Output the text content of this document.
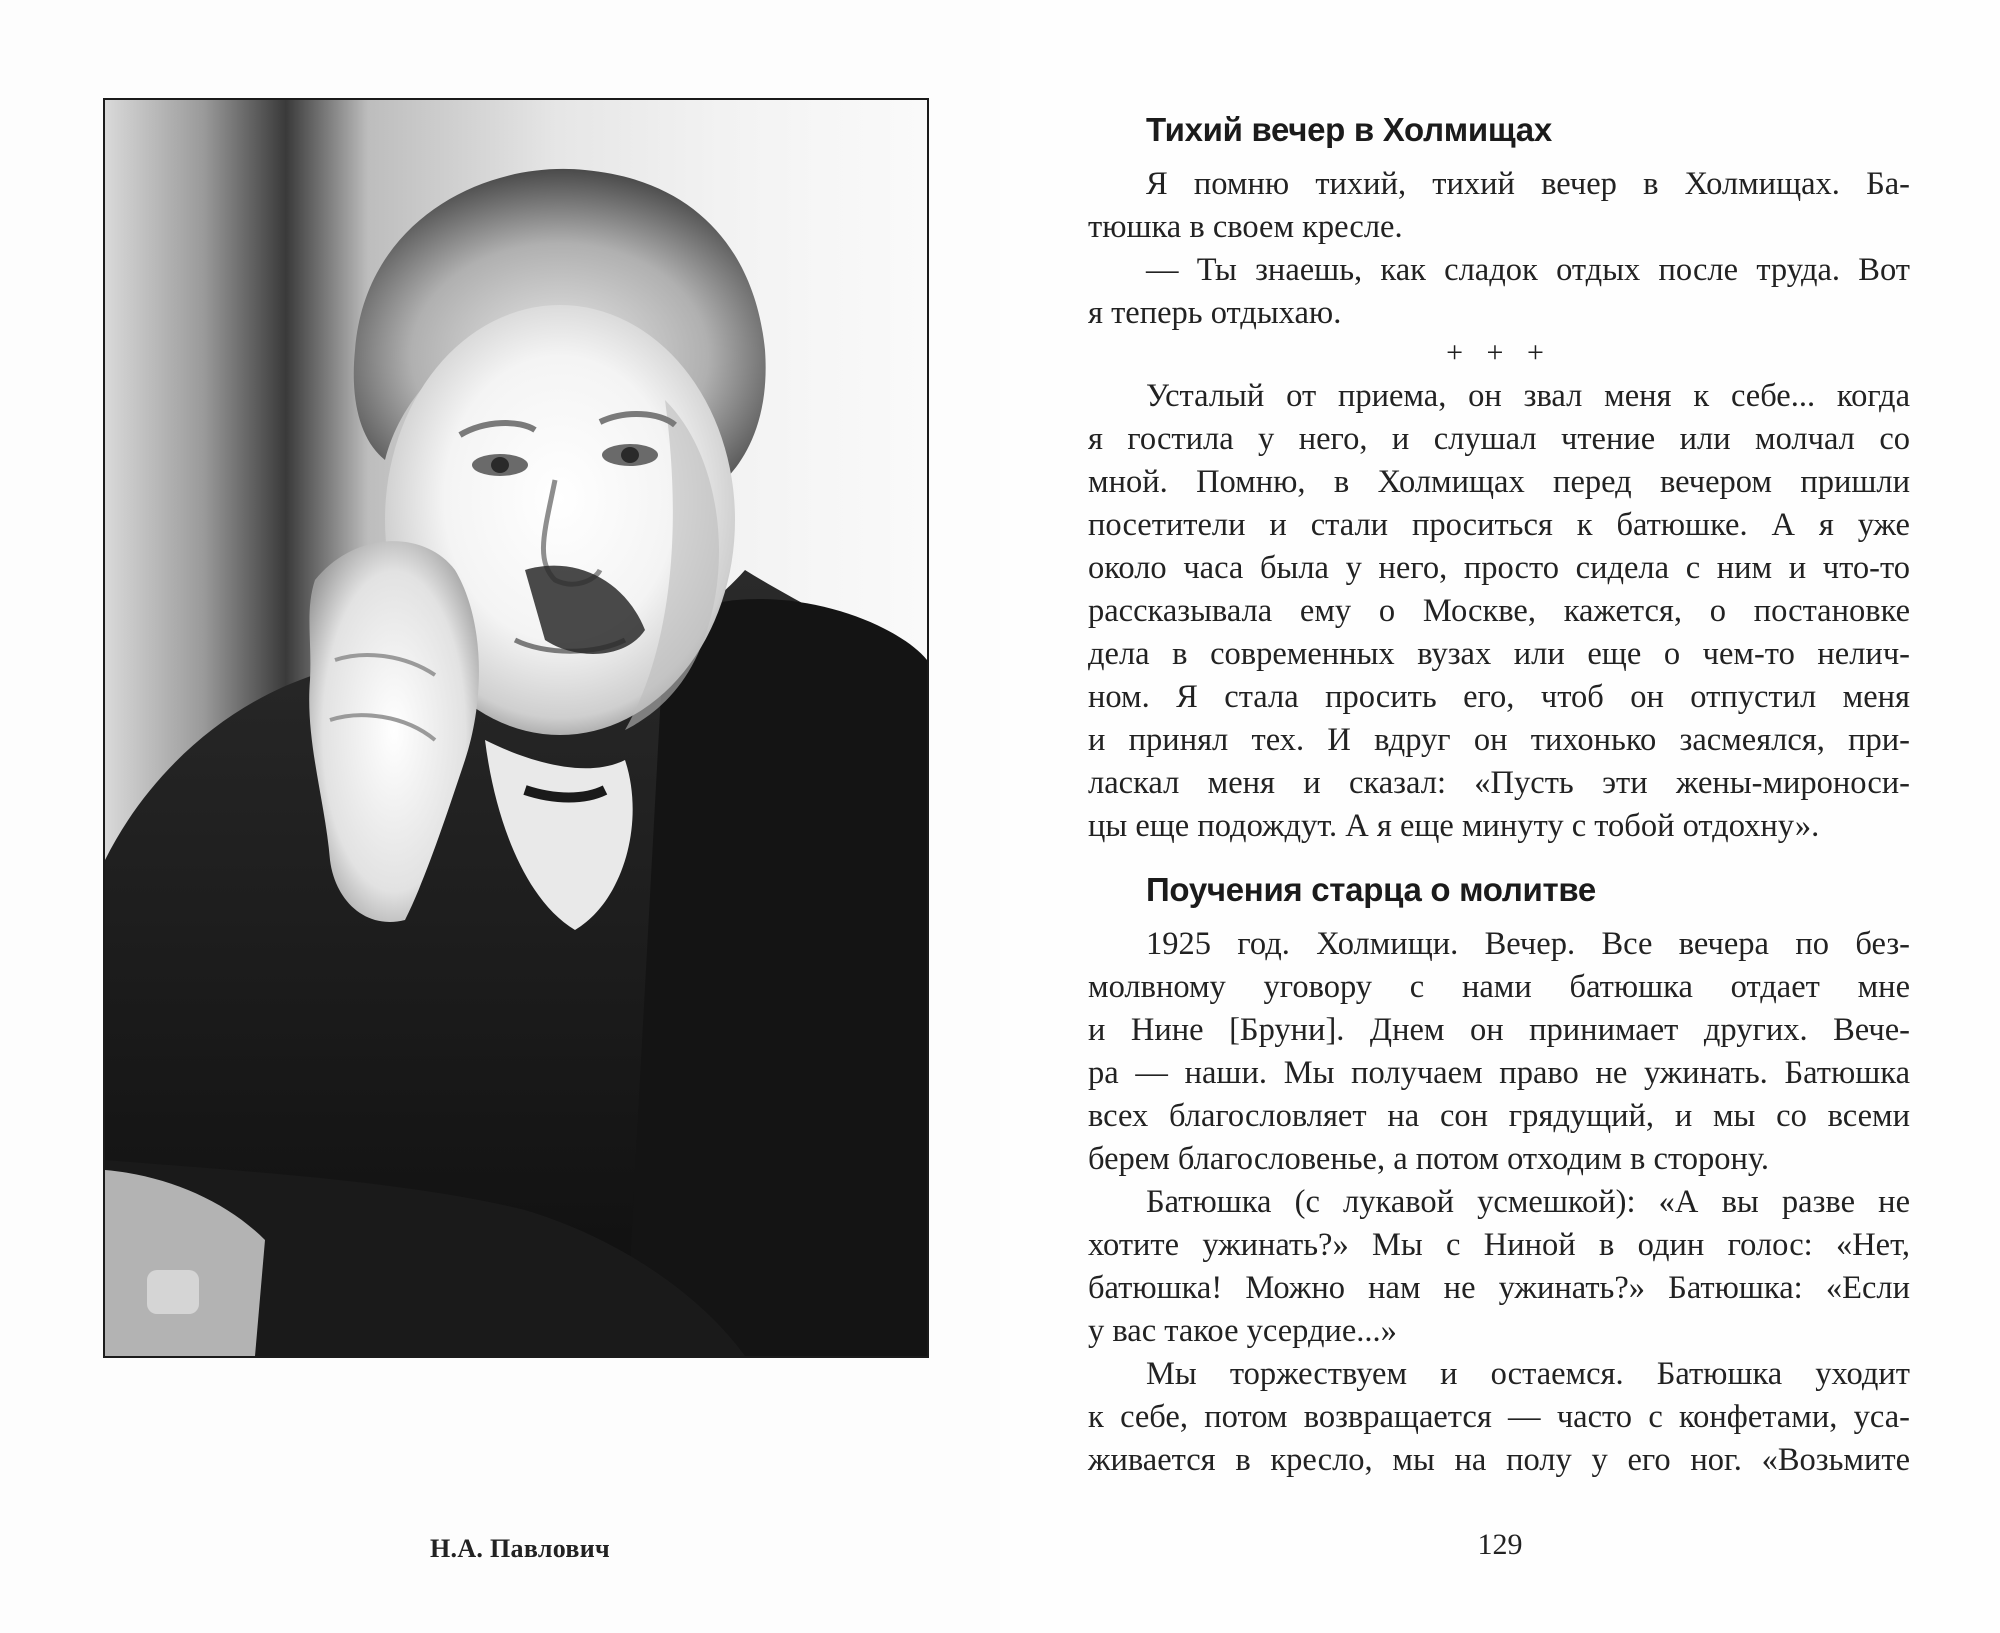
Н.А. Павлович
Тихий вечер в Холмищах

Я помню тихий, тихий вечер в Холмищах. Ба-
тюшка в своем кресле.

— Ты знаешь, как сладок отдых после труда. Вот
я теперь отдыхаю.

+ + +

Усталый от приема, он звал меня к себе... когда
я гостила у него, и слушал чтение или молчал со
мной. Помню, в Холмищах перед вечером пришли
посетители и стали проситься к батюшке. А я уже
около часа была у него, просто сидела с ним и что-то
рассказывала ему о Москве, кажется, о постановке
дела в современных вузах или еще о чем-то нелич-
ном. Я стала просить его, чтоб он отпустил меня
и принял тех. И вдруг он тихонько засмеялся, при-
ласкал меня и сказал: «Пусть эти жены-мироноси-
цы еще подождут. А я еще минуту с тобой отдохну».

Поучения старца о молитве

1925 год. Холмищи. Вечер. Все вечера по без-
молвному уговору с нами батюшка отдает мне
и Нине [Бруни]. Днем он принимает других. Вече-
ра — наши. Мы получаем право не ужинать. Батюшка
всех благословляет на сон грядущий, и мы со всеми
берем благословенье, а потом отходим в сторону.

Батюшка (с лукавой усмешкой): «А вы разве не
хотите ужинать?» Мы с Ниной в один голос: «Нет,
батюшка! Можно нам не ужинать?» Батюшка: «Если
у вас такое усердие...»

Мы торжествуем и остаемся. Батюшка уходит
к себе, потом возвращается — часто с конфетами, уса-
живается в кресло, мы на полу у его ног. «Возьмите

129
